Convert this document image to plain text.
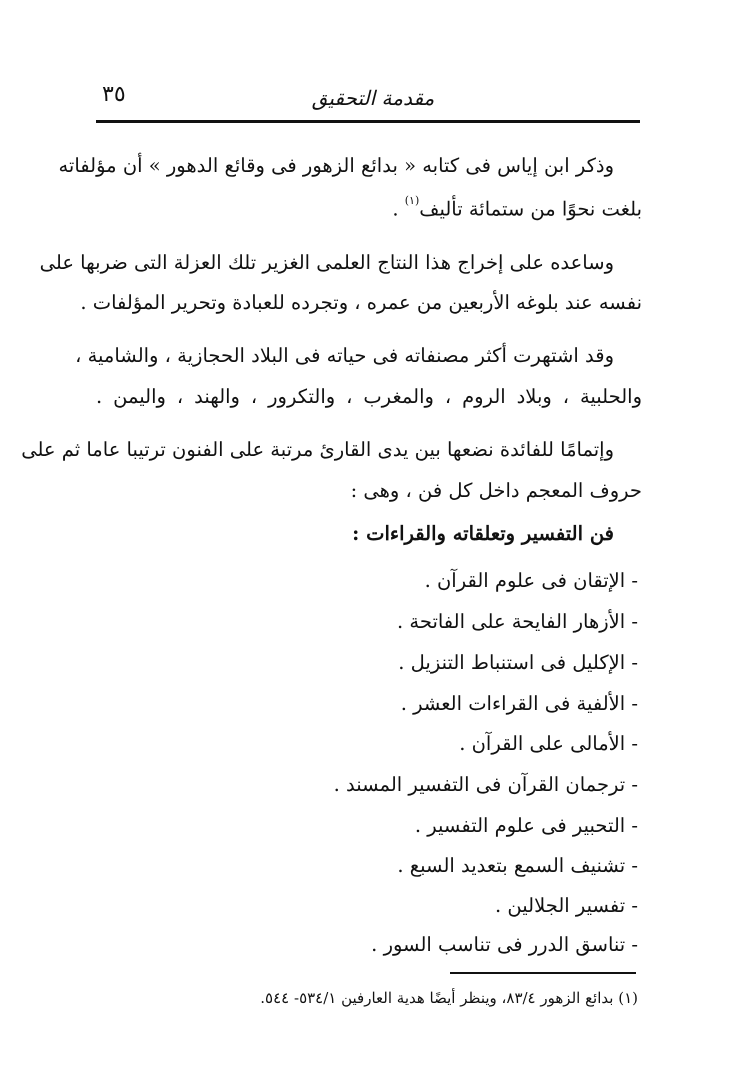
مقدمة التحقيق
٣٥
وذكر ابن إياس فى كتابه « بدائع الزهور فى وقائع الدهور » أن مؤلفاته
بلغت نحوًا من ستمائة تأليف$^{(١)}$ .
وساعده على إخراج هذا النتاج العلمى الغزير تلك العزلة التى ضربها على
نفسه عند بلوغه الأربعين من عمره ، وتجرده للعبادة وتحرير المؤلفات .
وقد اشتهرت أكثر مصنفاته فى حياته فى البلاد الحجازية ، والشامية ،
والحلبية ، وبلاد الروم ، والمغرب ، والتكرور ، والهند ، واليمن .
وإتمامًا للفائدة نضعها بين يدى القارئ مرتبة على الفنون ترتيبا عاما ثم على
حروف المعجم داخل كل فن ، وهى :
فن التفسير وتعلقاته والقراءات :
- الإتقان فى علوم القرآن .
- الأزهار الفايحة على الفاتحة .
- الإكليل فى استنباط التنزيل .
- الألفية فى القراءات العشر .
- الأمالى على القرآن .
- ترجمان القرآن فى التفسير المسند .
- التحبير فى علوم التفسير .
- تشنيف السمع بتعديد السبع .
- تفسير الجلالين .
- تناسق الدرر فى تناسب السور .
(١) بدائع الزهور ٨٣/٤، وينظر أيضًا هدية العارفين ٥٣٤/١- ٥٤٤.
